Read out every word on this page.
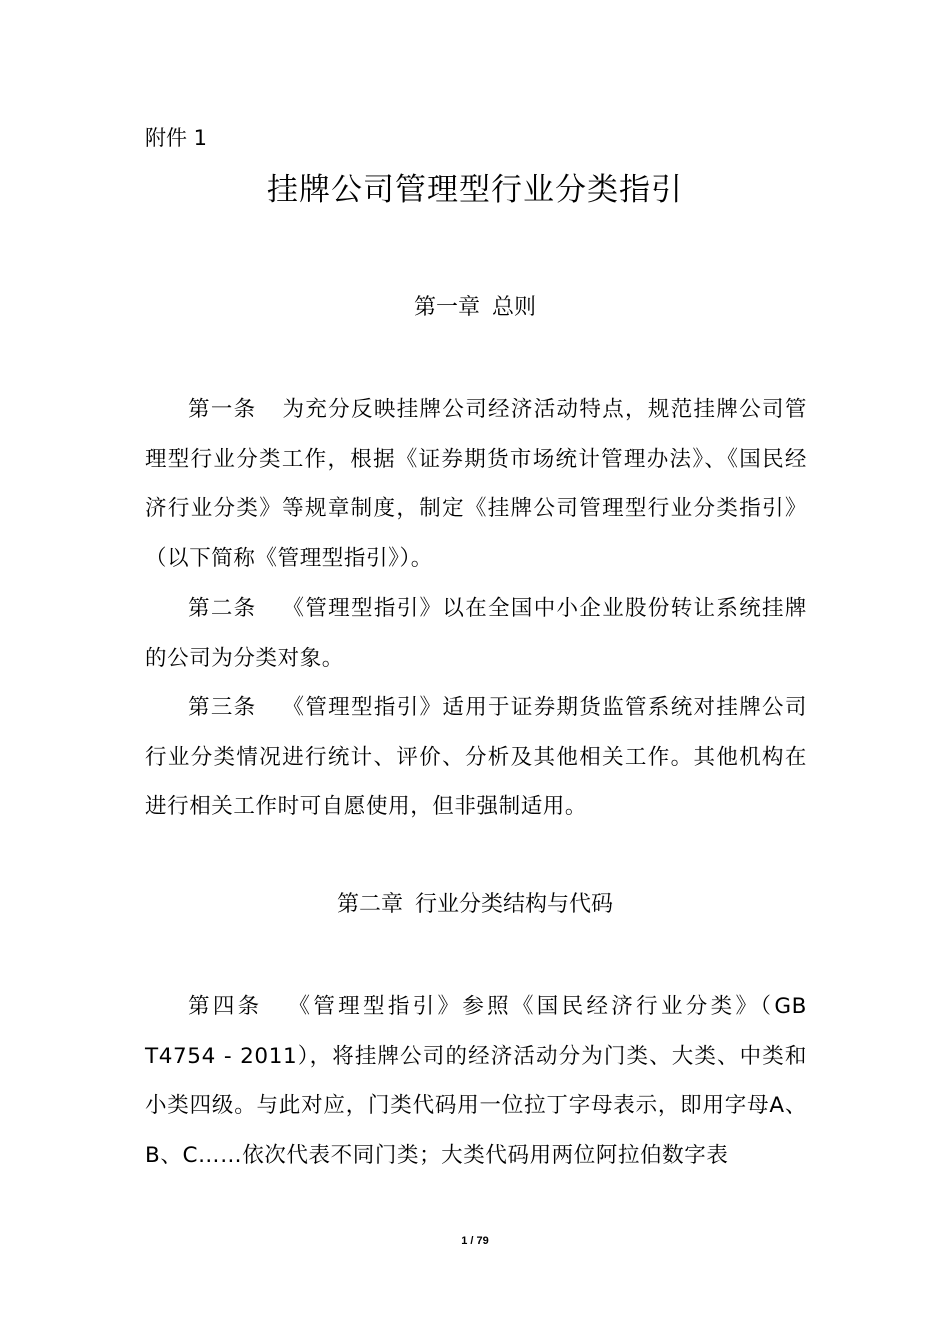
附件 1
挂牌公司管理型行业分类指引
第一章 总则
第一条 为充分反映挂牌公司经济活动特点，规范挂牌公司管理型行业分类工作，根据《证券期货市场统计管理办法》、《国民经济行业分类》等规章制度，制定《挂牌公司管理型行业分类指引》（以下简称《管理型指引》）。
第二条 《管理型指引》以在全国中小企业股份转让系统挂牌的公司为分类对象。
第三条 《管理型指引》适用于证券期货监管系统对挂牌公司行业分类情况进行统计、评价、分析及其他相关工作。其他机构在进行相关工作时可自愿使用，但非强制适用。
第二章 行业分类结构与代码
第四条 《管理型指引》参照《国民经济行业分类》（GB T4754 - 2011），将挂牌公司的经济活动分为门类、大类、中类和小类四级。与此对应，门类代码用一位拉丁字母表示，即用字母A、B、C……依次代表不同门类；大类代码用两位阿拉伯数字表
1 / 79
